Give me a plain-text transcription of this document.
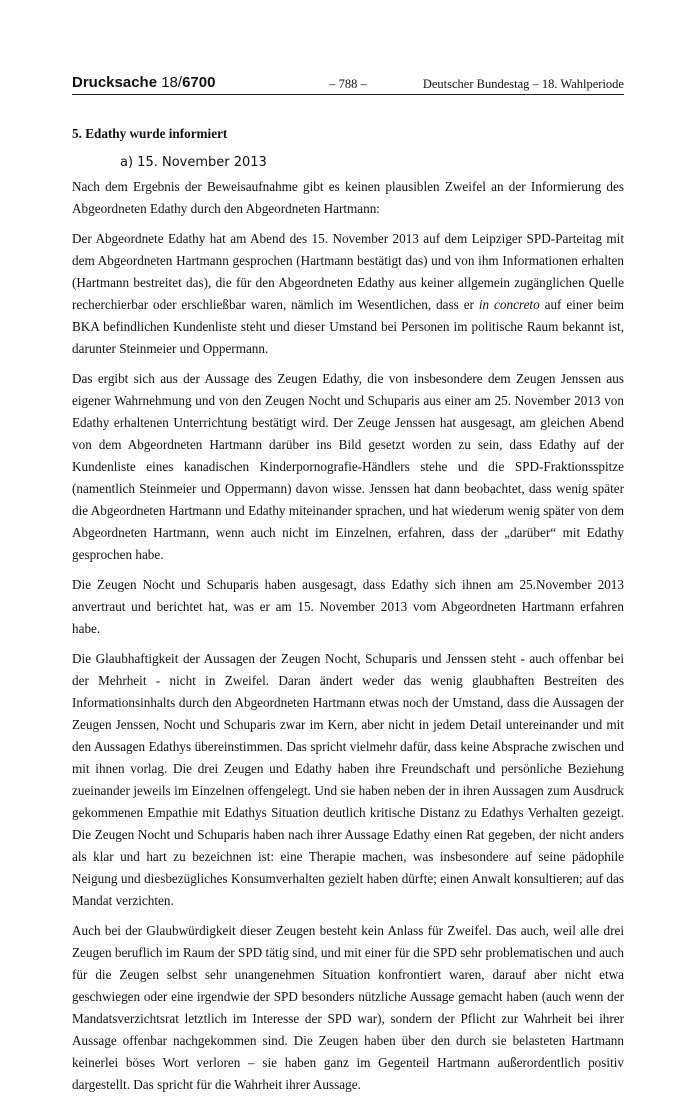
Drucksache 18/6700	– 788 –	Deutscher Bundestag – 18. Wahlperiode
5. Edathy wurde informiert
a) 15. November 2013

Nach dem Ergebnis der Beweisaufnahme gibt es keinen plausiblen Zweifel an der Informierung des Abgeordneten Edathy durch den Abgeordneten Hartmann:

Der Abgeordnete Edathy hat am Abend des 15. November 2013 auf dem Leipziger SPD-Parteitag mit dem Abgeordneten Hartmann gesprochen (Hartmann bestätigt das) und von ihm Informationen erhalten (Hartmann bestreitet das), die für den Abgeordneten Edathy aus keiner allgemein zugänglichen Quelle recherchierbar oder erschließbar waren, nämlich im Wesentlichen, dass er in concreto auf einer beim BKA befindlichen Kundenliste steht und dieser Umstand bei Personen im politische Raum bekannt ist, darunter Steinmeier und Oppermann.

Das ergibt sich aus der Aussage des Zeugen Edathy, die von insbesondere dem Zeugen Jenssen aus eigener Wahrnehmung und von den Zeugen Nocht und Schuparis aus einer am 25. November 2013 von Edathy erhaltenen Unterrichtung bestätigt wird. Der Zeuge Jenssen hat ausgesagt, am gleichen Abend von dem Abgeordneten Hartmann darüber ins Bild gesetzt worden zu sein, dass Edathy auf der Kundenliste eines kanadischen Kinderpornografie-Händlers stehe und die SPD-Fraktionsspitze (namentlich Steinmeier und Oppermann) davon wisse. Jenssen hat dann beobachtet, dass wenig später die Abgeordneten Hartmann und Edathy miteinander sprachen, und hat wiederum wenig später von dem Abgeordneten Hartmann, wenn auch nicht im Einzelnen, erfahren, dass der „darüber“ mit Edathy gesprochen habe.

Die Zeugen Nocht und Schuparis haben ausgesagt, dass Edathy sich ihnen am 25.November 2013 anvertraut und berichtet hat, was er am 15. November 2013 vom Abgeordneten Hartmann erfahren habe.

Die Glaubhaftigkeit der Aussagen der Zeugen Nocht, Schuparis und Jenssen steht - auch offenbar bei der Mehrheit - nicht in Zweifel. Daran ändert weder das wenig glaubhaften Bestreiten des Informationsinhalts durch den Abgeordneten Hartmann etwas noch der Umstand, dass die Aussagen der Zeugen Jenssen, Nocht und Schuparis zwar im Kern, aber nicht in jedem Detail untereinander und mit den Aussagen Edathys übereinstimmen. Das spricht vielmehr dafür, dass keine Absprache zwischen und mit ihnen vorlag. Die drei Zeugen und Edathy haben ihre Freundschaft und persönliche Beziehung zueinander jeweils im Einzelnen offengelegt. Und sie haben neben der in ihren Aussagen zum Ausdruck gekommenen Empathie mit Edathys Situation deutlich kritische Distanz zu Edathys Verhalten gezeigt. Die Zeugen Nocht und Schuparis haben nach ihrer Aussage Edathy einen Rat gegeben, der nicht anders als klar und hart zu bezeichnen ist: eine Therapie machen, was insbesondere auf seine pädophile Neigung und diesbezügliches Konsumverhalten gezielt haben dürfte; einen Anwalt konsultieren; auf das Mandat verzichten.

Auch bei der Glaubwürdigkeit dieser Zeugen besteht kein Anlass für Zweifel. Das auch, weil alle drei Zeugen beruflich im Raum der SPD tätig sind, und mit einer für die SPD sehr problematischen und auch für die Zeugen selbst sehr unangenehmen Situation konfrontiert waren, darauf aber nicht etwa geschwiegen oder eine irgendwie der SPD besonders nützliche Aussage gemacht haben (auch wenn der Mandatsverzichtsrat letztlich im Interesse der SPD war), sondern der Pflicht zur Wahrheit bei ihrer Aussage offenbar nachgekommen sind. Die Zeugen haben über den durch sie belasteten Hartmann keinerlei böses Wort verloren – sie haben ganz im Gegenteil Hartmann außerordentlich positiv dargestellt. Das spricht für die Wahrheit ihrer Aussage.
